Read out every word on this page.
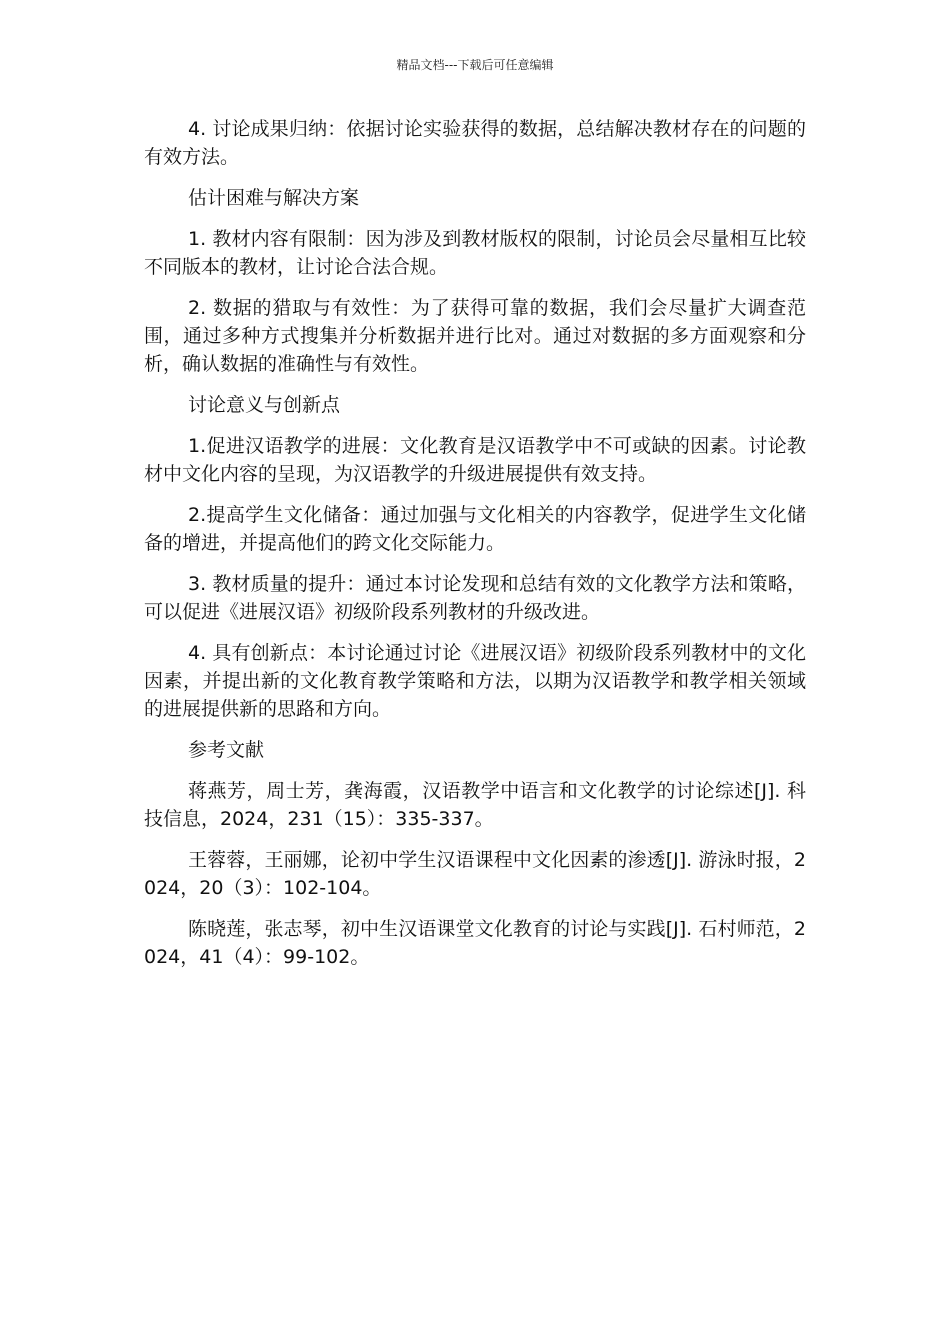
精品文档---下载后可任意编辑

4. 讨论成果归纳：依据讨论实验获得的数据，总结解决教材存在的问题的有效方法。

估计困难与解决方案

1. 教材内容有限制：因为涉及到教材版权的限制，讨论员会尽量相互比较不同版本的教材，让讨论合法合规。

2. 数据的猎取与有效性：为了获得可靠的数据，我们会尽量扩大调查范围，通过多种方式搜集并分析数据并进行比对。通过对数据的多方面观察和分析，确认数据的准确性与有效性。

讨论意义与创新点

1.促进汉语教学的进展：文化教育是汉语教学中不可或缺的因素。讨论教材中文化内容的呈现，为汉语教学的升级进展提供有效支持。

2.提高学生文化储备：通过加强与文化相关的内容教学，促进学生文化储备的增进，并提高他们的跨文化交际能力。

3. 教材质量的提升：通过本讨论发现和总结有效的文化教学方法和策略，可以促进《进展汉语》初级阶段系列教材的升级改进。

4. 具有创新点：本讨论通过讨论《进展汉语》初级阶段系列教材中的文化因素，并提出新的文化教育教学策略和方法，以期为汉语教学和教学相关领域的进展提供新的思路和方向。

参考文献

蒋燕芳，周士芳，龚海霞，汉语教学中语言和文化教学的讨论综述[J]. 科技信息，2024，231（15）：335-337。

王蓉蓉，王丽娜，论初中学生汉语课程中文化因素的渗透[J]. 游泳时报，2024，20（3）：102-104。

陈晓莲，张志琴，初中生汉语课堂文化教育的讨论与实践[J]. 石村师范，2024，41（4）：99-102。
